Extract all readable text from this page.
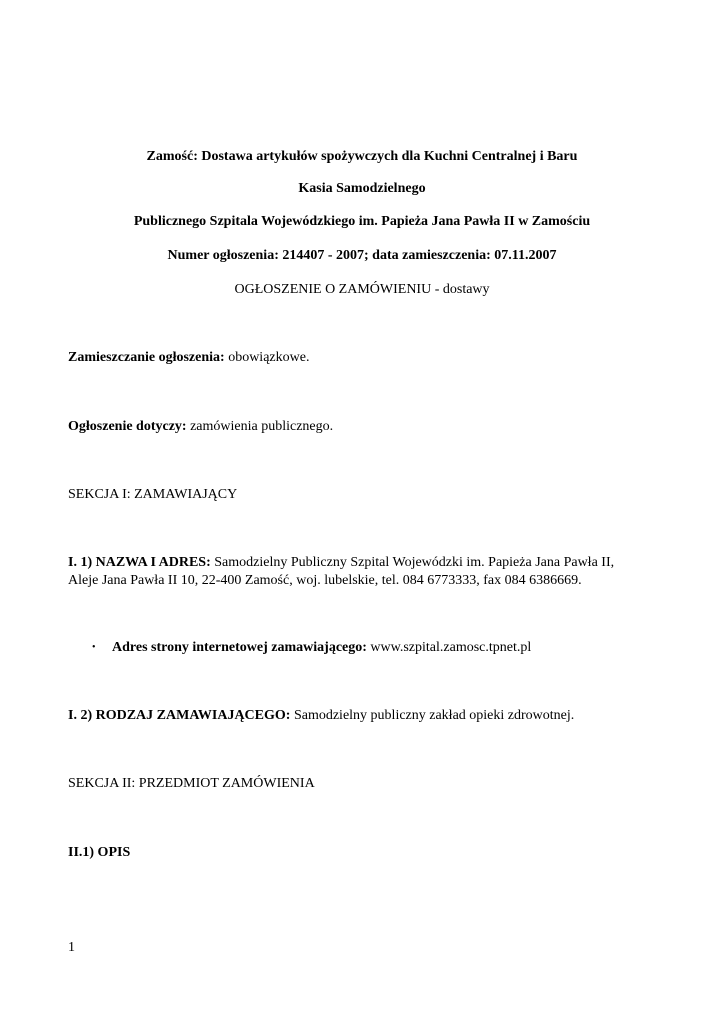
Zamość: Dostawa artykułów spożywczych dla Kuchni Centralnej i Baru
Kasia Samodzielnego
Publicznego Szpitala Wojewódzkiego im. Papieża Jana Pawła II w Zamościu
Numer ogłoszenia: 214407 - 2007; data zamieszczenia: 07.11.2007
OGŁOSZENIE O ZAMÓWIENIU - dostawy
Zamieszczanie ogłoszenia: obowiązkowe.
Ogłoszenie dotyczy: zamówienia publicznego.
SEKCJA I: ZAMAWIAJĄCY
I. 1) NAZWA I ADRES: Samodzielny Publiczny Szpital Wojewódzki im. Papieża Jana Pawła II,
Aleje Jana Pawła II 10, 22-400 Zamość, woj. lubelskie, tel. 084 6773333, fax 084 6386669.
• Adres strony internetowej zamawiającego: www.szpital.zamosc.tpnet.pl
I. 2) RODZAJ ZAMAWIAJĄCEGO: Samodzielny publiczny zakład opieki zdrowotnej.
SEKCJA II: PRZEDMIOT ZAMÓWIENIA
II.1) OPIS
1
